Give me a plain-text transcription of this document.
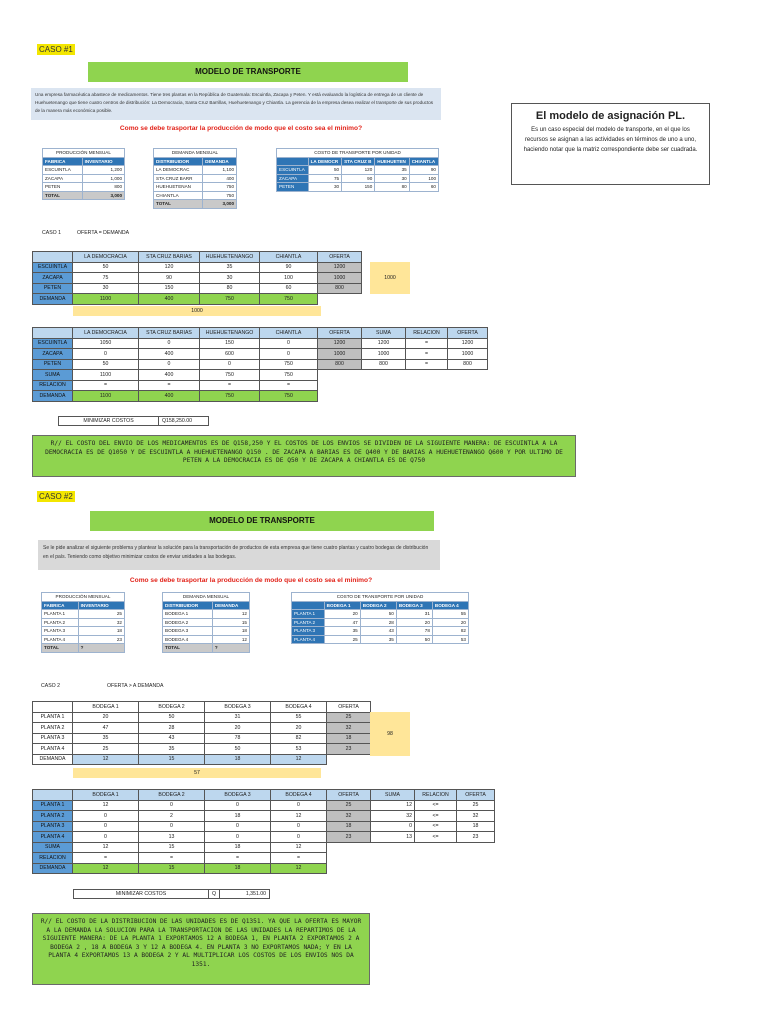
CASO #1
MODELO DE TRANSPORTE
Una empresa farmacéutica abastece de medicamentos. Tiene tres plantas en la República de Guatemala: Escuintla, Zacapa y Peten. Y está evaluando la logística de entrega de un cliente de Huehuetenango que tiene cuatro centros de distribución: La Democracia, Santa Cruz Barrillas, Huehuetenango y Chiantla. La gerencia de la empresa desea realizar el transporte de sus productos de la manera más económica posible.
Como se debe trasportar la producción de modo que el costo sea el minimo?
PRODUCCIÓN MENSUAL	
FABRICA	INVENTARIO
ESCUINTLA	1,200
ZACAPA	1,000
PETEN	800
TOTAL	3,000
DEMANDA MENSUAL	
DISTRIBUIDOR	DEMANDA
LA DEMOCRAC	1,100
STA CRUZ BARR	400
HUEHUETENAN	750
CHIANTLA	750
TOTAL	3,000
COSTO DE TRANSPORTE POR UNIDAD				
	LA DEMOCR	STA CRUZ B	HUEHUETEN	CHIANTLA
ESCUINTLA	50	120	35	90
ZACAPA	75	90	30	100
PETEN	30	150	80	60
El modelo de asignación PL.
Es un caso especial del modelo de transporte, en el que los recursos se asignan a las actividades en términos de uno a uno, haciendo notar que la matriz correspondiente debe ser cuadrada.
CASO 1	OFERTA = DEMANDA
	LA DEMOCRACIA	STA CRUZ BARIAS	HUEHUETENANGO	CHIANTLA	OFERTA
ESCUINTLA	50	120	35	90	1200
ZACAPA	75	90	30	100	1000
PETEN	30	150	80	60	800
DEMANDA	1100	400	750	750	
1000
1000
	LA DEMOCRACIA	STA CRUZ BARIAS	HUEHUETENANGO	CHIANTLA	OFERTA	SUMA	RELACION	OFERTA
ESCUINTLA	1050	0	150	0	1200	1200	=	1200
ZACAPA	0	400	600	0	1000	1000	=	1000
PETEN	50	0	0	750	800	800	=	800
SUMA	1100	400	750	750				
RELACION	=	=	=	=				
DEMANDA	1100	400	750	750				
MINIMIZAR COSTOS	Q158,250.00
R// EL COSTO DEL ENVIO DE LOS MEDICAMENTOS ES DE Q158,250 Y EL COSTOS DE LOS ENVIOS SE DIVIDEN DE LA SIGUIENTE MANERA: DE ESCUINTLA A LA DEMOCRACIA ES DE Q1050 Y DE ESCUINTLA A HUEHUETENANGO Q150 . DE ZACAPA A BARIAS ES DE Q400 Y DE BARIAS A HUEHUETENANGO Q600 Y POR ULTIMO DE PETEN A LA DEMOCRACIA ES DE Q50 Y DE ZACAPA A CHIANTLA ES DE Q750
CASO #2
MODELO DE TRANSPORTE
Se le pide analizar el siguiente problema y plantear la solución para la transportación de productos de esta empresa que tiene cuatro plantas y cuatro bodegas de distribución en el país. Teniendo como objetivo minimizar costos de enviar unidades a las bodegas.
Como se debe trasportar la producción de modo que el costo sea el minimo?
PRODUCCIÓN MENSUAL	
FABRICA	INVENTARIO
PLANTA 1	25
PLANTA 2	32
PLANTA 3	18
PLANTA 4	23
TOTAL	?
DEMANDA MENSUAL	
DISTRIBUIDOR	DEMANDA
BODEGA 1	12
BODEGA 2	15
BODEGA 3	18
BODEGA 4	12
TOTAL	?
COSTO DE TRANSPORTE POR UNIDAD				
	BODEGA 1	BODEGA 2	BODEGA 3	BODEGA 4
PLANTA 1	20	50	31	55
PLANTA 2	47	28	20	20
PLANTA 3	35	43	78	82
PLANTA 4	25	35	50	53
CASO 2	OFERTA > A DEMANDA
	BODEGA 1	BODEGA 2	BODEGA 3	BODEGA 4	OFERTA
PLANTA 1	20	50	31	55	25
PLANTA 2	47	28	20	20	32
PLANTA 3	35	43	78	82	18
PLANTA 4	25	35	50	53	23
DEMANDA	12	15	18	12	
98
57
	BODEGA 1	BODEGA 2	BODEGA 3	BODEGA 4	OFERTA	SUMA	RELACION	OFERTA
PLANTA 1	12	0	0	0	25	12	<=	25
PLANTA 2	0	2	18	12	32	32	<=	32
PLANTA 3	0	0	0	0	18	0	<=	18
PLANTA 4	0	13	0	0	23	13	<=	23
SUMA	12	15	18	12				
RELACION	=	=	=	=				
DEMANDA	12	15	18	12				
MINIMIZAR COSTOS	Q	1,351.00
R// EL COSTO DE LA DISTRIBUCION DE LAS UNIDADES ES DE Q1351. YA QUE LA OFERTA ES MAYOR A LA DEMANDA LA SOLUCION PARA LA TRANSPORTACION DE LAS UNIDADES LA REPARTIMOS DE LA SIGUIENTE MANERA: DE LA PLANTA 1 EXPORTAMOS 12 A BODEGA 1, EN PLANTA 2 EXPORTAMOS 2 A BODEGA 2 , 18 A BODEGA 3 Y 12 A BODEGA 4. EN PLANTA 3 NO EXPORTAMOS NADA; Y EN LA PLANTA 4 EXPORTAMOS 13 A BODEGA 2 Y AL MULTIPLICAR LOS COSTOS DE LOS ENVIOS NOS DA 1351.
